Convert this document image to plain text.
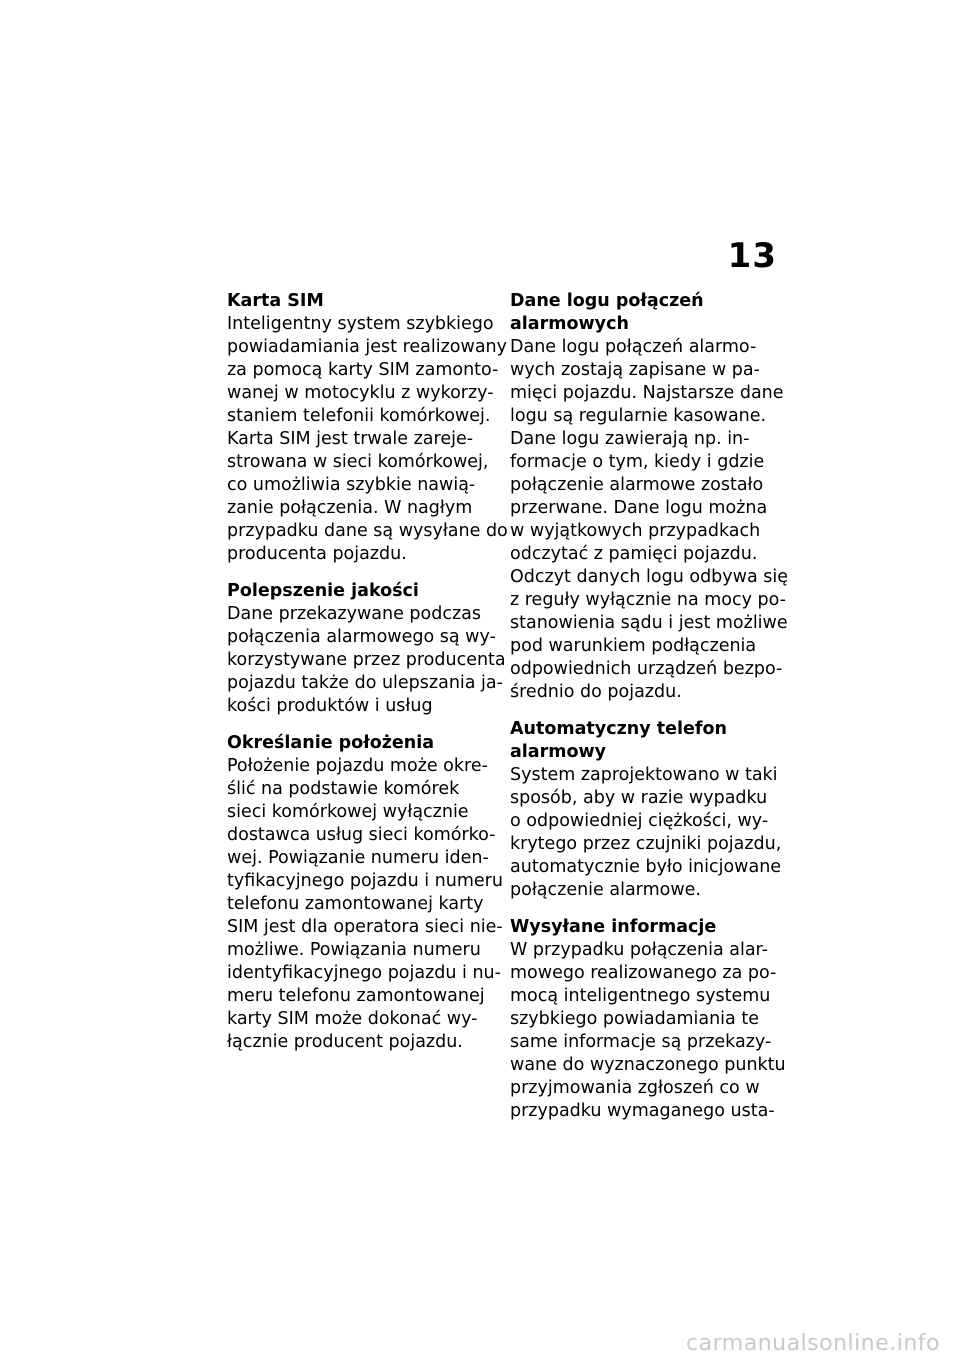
13
Karta SIM
Inteligentny system szybkiego
powiadamiania jest realizowany
za pomocą karty SIM zamonto-
wanej w motocyklu z wykorzy-
staniem telefonii komórkowej.
Karta SIM jest trwale zareje-
strowana w sieci komórkowej,
co umożliwia szybkie nawią-
zanie połączenia. W nagłym
przypadku dane są wysyłane do
producenta pojazdu.
Polepszenie jakości
Dane przekazywane podczas
połączenia alarmowego są wy-
korzystywane przez producenta
pojazdu także do ulepszania ja-
kości produktów i usług
Określanie położenia
Położenie pojazdu może okre-
ślić na podstawie komórek
sieci komórkowej wyłącznie
dostawca usług sieci komórko-
wej. Powiązanie numeru iden-
tyfikacyjnego pojazdu i numeru
telefonu zamontowanej karty
SIM jest dla operatora sieci nie-
możliwe. Powiązania numeru
identyfikacyjnego pojazdu i nu-
meru telefonu zamontowanej
karty SIM może dokonać wy-
łącznie producent pojazdu.
Dane logu połączeń
alarmowych
Dane logu połączeń alarmo-
wych zostają zapisane w pa-
mięci pojazdu. Najstarsze dane
logu są regularnie kasowane.
Dane logu zawierają np. in-
formacje o tym, kiedy i gdzie
połączenie alarmowe zostało
przerwane. Dane logu można
w wyjątkowych przypadkach
odczytać z pamięci pojazdu.
Odczyt danych logu odbywa się
z reguły wyłącznie na mocy po-
stanowienia sądu i jest możliwe
pod warunkiem podłączenia
odpowiednich urządzeń bezpo-
średnio do pojazdu.
Automatyczny telefon
alarmowy
System zaprojektowano w taki
sposób, aby w razie wypadku
o odpowiedniej ciężkości, wy-
krytego przez czujniki pojazdu,
automatycznie było inicjowane
połączenie alarmowe.
Wysyłane informacje
W przypadku połączenia alar-
mowego realizowanego za po-
mocą inteligentnego systemu
szybkiego powiadamiania te
same informacje są przekazy-
wane do wyznaczonego punktu
przyjmowania zgłoszeń co w
przypadku wymaganego usta-
carmanualsonline.info
